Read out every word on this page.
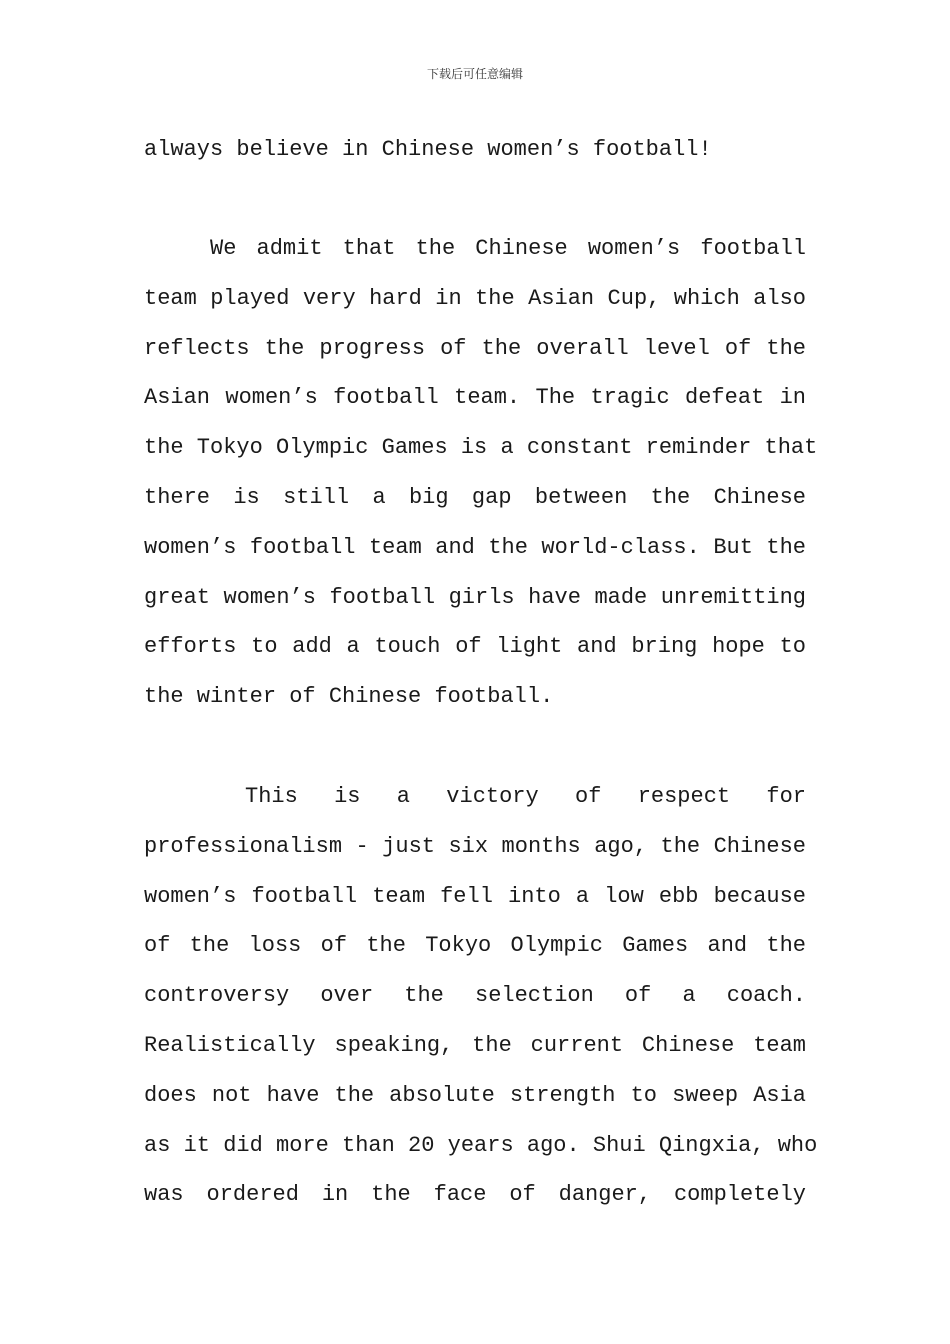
下载后可任意编辑
always believe in Chinese women’s football!
We admit that the Chinese women’s football
team played very hard in the Asian Cup, which also
reflects the progress of the overall level of the
Asian women’s football team. The tragic defeat in
the Tokyo Olympic Games is a constant reminder that
there is still a big gap between the Chinese
women’s football team and the world-class. But the
great women’s football girls have made unremitting
efforts to add a touch of light and bring hope to
the winter of Chinese football.
This is a victory of respect for
professionalism - just six months ago, the Chinese
women’s football team fell into a low ebb because
of the loss of the Tokyo Olympic Games and the
controversy over the selection of a coach.
Realistically speaking, the current Chinese team
does not have the absolute strength to sweep Asia
as it did more than 20 years ago. Shui Qingxia, who
was ordered in the face of danger, completely
